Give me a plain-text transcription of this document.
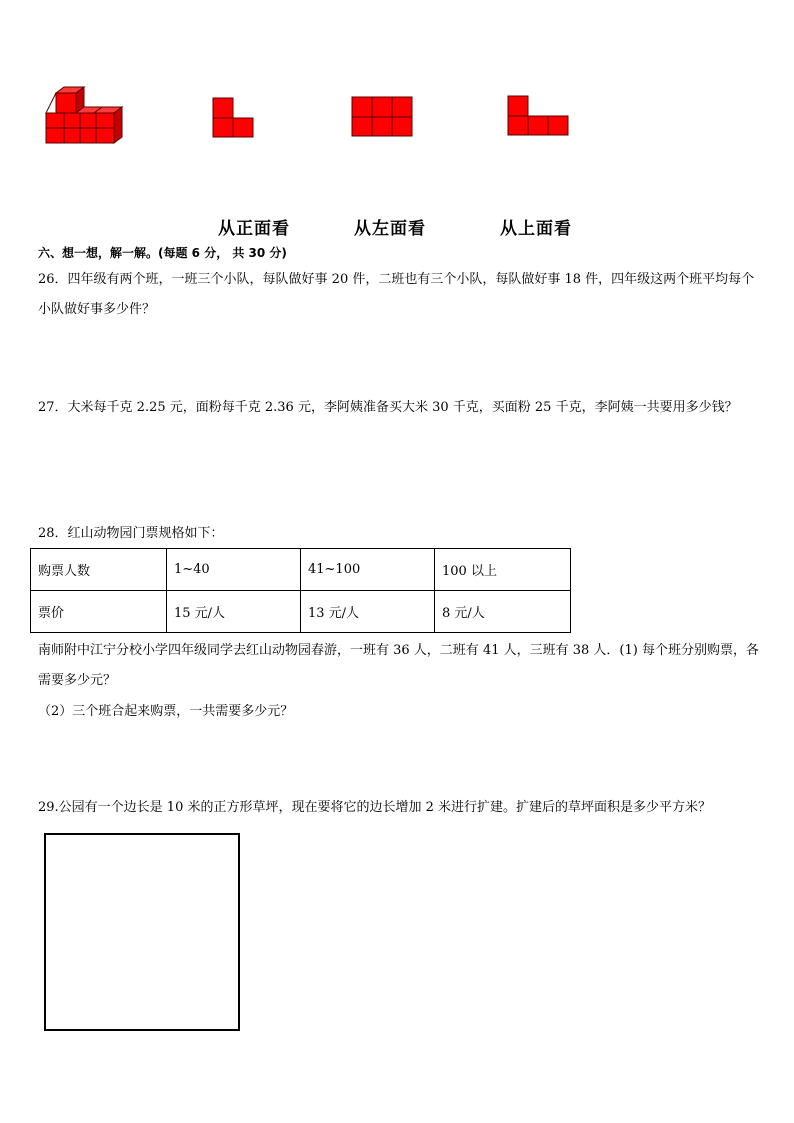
从正面看	从左面看	从上面看
六、想一想，解一解。(每题 6 分， 共 30 分)
26．四年级有两个班，一班三个小队，每队做好事 20 件，二班也有三个小队，每队做好事 18 件，四年级这两个班平均每个小队做好事多少件？
27．大米每千克 2.25 元，面粉每千克 2.36 元，李阿姨准备买大米 30 千克，买面粉 25 千克，李阿姨一共要用多少钱？
28．红山动物园门票规格如下：
购票人数	1~40	41~100	100 以上
票价	15 元/人	13 元/人	8 元/人
南师附中江宁分校小学四年级同学去红山动物园春游，一班有 36 人，二班有 41 人，三班有 38 人．(1) 每个班分别购票，各需要多少元？
（2）三个班合起来购票，一共需要多少元？
29.公园有一个边长是 10 米的正方形草坪，现在要将它的边长增加 2 米进行扩建。扩建后的草坪面积是多少平方米？
